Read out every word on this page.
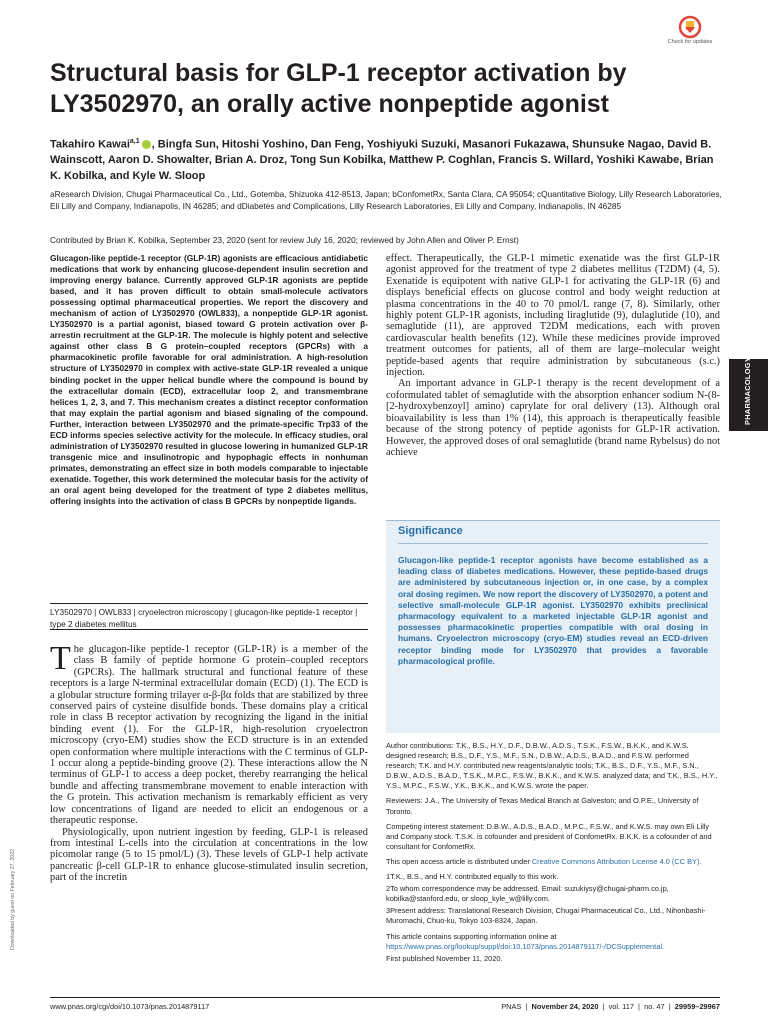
Check for updates
Structural basis for GLP-1 receptor activation by LY3502970, an orally active nonpeptide agonist
Takahiro Kawai$^{a,1}$ , Bingfa Sun, Hitoshi Yoshino, Dan Feng, Yoshiyuki Suzuki, Masanori Fukazawa, Shunsuke Nagao, David B. Wainscott, Aaron D. Showalter, Brian A. Droz, Tong Sun Kobilka, Matthew P. Coghlan, Francis S. Willard, Yoshiki Kawabe, Brian K. Kobilka, and Kyle W. Sloop
aResearch Division, Chugai Pharmaceutical Co., Ltd., Gotemba, Shizuoka 412-8513, Japan; bConfometRx, Santa Clara, CA 95054; cQuantitative Biology, Lilly Research Laboratories, Eli Lilly and Company, Indianapolis, IN 46285; and dDiabetes and Complications, Lilly Research Laboratories, Eli Lilly and Company, Indianapolis, IN 46285
Contributed by Brian K. Kobilka, September 23, 2020 (sent for review July 16, 2020; reviewed by John Allen and Oliver P. Ernst)
Glucagon-like peptide-1 receptor (GLP-1R) agonists are efficacious antidiabetic medications that work by enhancing glucose-dependent insulin secretion and improving energy balance. Currently approved GLP-1R agonists are peptide based, and it has proven difficult to obtain small-molecule activators possessing optimal pharmaceutical properties. We report the discovery and mechanism of action of LY3502970 (OWL833), a nonpeptide GLP-1R agonist. LY3502970 is a partial agonist, biased toward G protein activation over β-arrestin recruitment at the GLP-1R. The molecule is highly potent and selective against other class B G protein–coupled receptors (GPCRs) with a pharmacokinetic profile favorable for oral administration. A high-resolution structure of LY3502970 in complex with active-state GLP-1R revealed a unique binding pocket in the upper helical bundle where the compound is bound by the extracellular domain (ECD), extracellular loop 2, and transmembrane helices 1, 2, 3, and 7. This mechanism creates a distinct receptor conformation that may explain the partial agonism and biased signaling of the compound. Further, interaction between LY3502970 and the primate-specific Trp33 of the ECD informs species selective activity for the molecule. In efficacy studies, oral administration of LY3502970 resulted in glucose lowering in humanized GLP-1R transgenic mice and insulinotropic and hypophagic effects in nonhuman primates, demonstrating an effect size in both models comparable to injectable exenatide. Together, this work determined the molecular basis for the activity of an oral agent being developed for the treatment of type 2 diabetes mellitus, offering insights into the activation of class B GPCRs by nonpeptide ligands.
LY3502970 | OWL833 | cryoelectron microscopy | glucagon-like peptide-1 receptor | type 2 diabetes mellitus
The glucagon-like peptide-1 receptor (GLP-1R) is a member of the class B family of peptide hormone G protein–coupled receptors (GPCRs). The hallmark structural and functional feature of these receptors is a large N-terminal extracellular domain (ECD) (1). The ECD is a globular structure forming trilayer α-β-βα folds that are stabilized by three conserved pairs of cysteine disulfide bonds. These domains play a critical role in class B receptor activation by recognizing the ligand in the initial binding event (1). For the GLP-1R, high-resolution cryoelectron microscopy (cryo-EM) studies show the ECD structure is in an extended open conformation where multiple interactions with the C terminus of GLP-1 occur along a peptide-binding groove (2). These interactions allow the N terminus of GLP-1 to access a deep pocket, thereby rearranging the helical bundle and affecting transmembrane movement to enable interaction with the G protein. This activation mechanism is remarkably efficient as very low concentrations of ligand are needed to elicit an endogenous or a therapeutic response.

Physiologically, upon nutrient ingestion by feeding, GLP-1 is released from intestinal L-cells into the circulation at concentrations in the low picomolar range (5 to 15 pmol/L) (3). These levels of GLP-1 help activate pancreatic β-cell GLP-1R to enhance glucose-stimulated insulin secretion, part of the incretin

effect. Therapeutically, the GLP-1 mimetic exenatide was the first GLP-1R agonist approved for the treatment of type 2 diabetes mellitus (T2DM) (4, 5). Exenatide is equipotent with native GLP-1 for activating the GLP-1R (6) and displays beneficial effects on glucose control and body weight reduction at plasma concentrations in the 40 to 70 pmol/L range (7, 8). Similarly, other highly potent GLP-1R agonists, including liraglutide (9), dulaglutide (10), and semaglutide (11), are approved T2DM medications, each with proven cardiovascular health benefits (12). While these medicines provide improved treatment outcomes for patients, all of them are large–molecular weight peptide-based agents that require administration by subcutaneous (s.c.) injection.

An important advance in GLP-1 therapy is the recent development of a coformulated tablet of semaglutide with the absorption enhancer sodium N-(8-[2-hydroxybenzoyl] amino) caprylate for oral delivery (13). Although oral bioavailability is less than 1% (14), this approach is therapeutically feasible because of the strong potency of peptide agonists for GLP-1R activation. However, the approved doses of oral semaglutide (brand name Rybelsus) do not achieve

Significance
Glucagon-like peptide-1 receptor agonists have become established as a leading class of diabetes medications. However, these peptide-based drugs are administered by subcutaneous injection or, in one case, by a complex oral dosing regimen. We now report the discovery of LY3502970, a potent and selective small-molecule GLP-1R agonist. LY3502970 exhibits preclinical pharmacology equivalent to a marketed injectable GLP-1R agonist and possesses pharmacokinetic properties compatible with oral dosing in humans. Cryoelectron microscopy (cryo-EM) studies reveal an ECD-driven receptor binding mode for LY3502970 that provides a favorable pharmacological profile.

Author contributions: T.K., B.S., H.Y., D.F., D.B.W., A.D.S., T.S.K., F.S.W., B.K.K., and K.W.S. designed research; B.S., D.F., Y.S., M.F., S.N., D.B.W., A.D.S., B.A.D., and F.S.W. performed research; T.K. and H.Y. contributed new reagents/analytic tools; T.K., B.S., D.F., Y.S., M.F., S.N., D.B.W., A.D.S., B.A.D., T.S.K., M.P.C., F.S.W., B.K.K., and K.W.S. analyzed data; and T.K., B.S., H.Y., Y.S., M.P.C., F.S.W., Y.K., B.K.K., and K.W.S. wrote the paper.

Reviewers: J.A., The University of Texas Medical Branch at Galveston; and O.P.E., University of Toronto.

Competing interest statement: D.B.W., A.D.S., B.A.D., M.P.C., F.S.W., and K.W.S. may own Eli Lilly and Company stock. T.S.K. is cofounder and president of ConfometRx. B.K.K. is a cofounder of and consultant for ConfometRx.

This open access article is distributed under Creative Commons Attribution License 4.0 (CC BY).

1T.K., B.S., and H.Y. contributed equally to this work.

2To whom correspondence may be addressed. Email: suzukiysy@chugai-pharm.co.jp, kobilka@stanford.edu, or sloop_kyle_w@lilly.com.

3Present address: Translational Research Division, Chugai Pharmaceutical Co., Ltd., Nihonbashi-Muromachi, Chuo-ku, Tokyo 103-8324, Japan.

This article contains supporting information online at https://www.pnas.org/lookup/suppl/doi:10.1073/pnas.2014879117/-/DCSupplemental.

First published November 11, 2020.

PHARMACOLOGY
Downloaded by guest on February 27, 2022
www.pnas.org/cgi/doi/10.1073/pnas.2014879117	PNAS  |  November 24, 2020  |  vol. 117  |  no. 47  |  29959–29967
